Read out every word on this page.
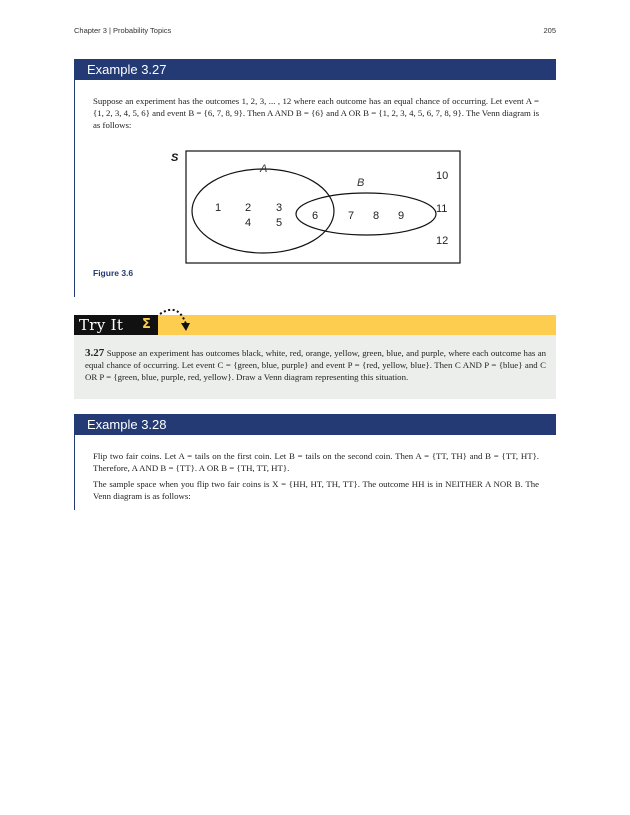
Chapter 3 | Probability Topics	205
Example 3.27
Suppose an experiment has the outcomes 1, 2, 3, ... , 12 where each outcome has an equal chance of occurring. Let event A = {1, 2, 3, 4, 5, 6} and event B = {6, 7, 8, 9}. Then A AND B = {6} and A OR B = {1, 2, 3, 4, 5, 6, 7, 8, 9}. The Venn diagram is as follows:
S
A
B
1 2 3
4 5
6	7 8 9
10
11
12
Figure 3.6
Try It	Σ
3.27 Suppose an experiment has outcomes black, white, red, orange, yellow, green, blue, and purple, where each outcome has an equal chance of occurring. Let event C = {green, blue, purple} and event P = {red, yellow, blue}. Then C AND P = {blue} and C OR P = {green, blue, purple, red, yellow}. Draw a Venn diagram representing this situation.
Example 3.28
Flip two fair coins. Let A = tails on the first coin. Let B = tails on the second coin. Then A = {TT, TH} and B = {TT, HT}. Therefore, A AND B = {TT}. A OR B = {TH, TT, HT}.
The sample space when you flip two fair coins is X = {HH, HT, TH, TT}. The outcome HH is in NEITHER A NOR B. The Venn diagram is as follows:
